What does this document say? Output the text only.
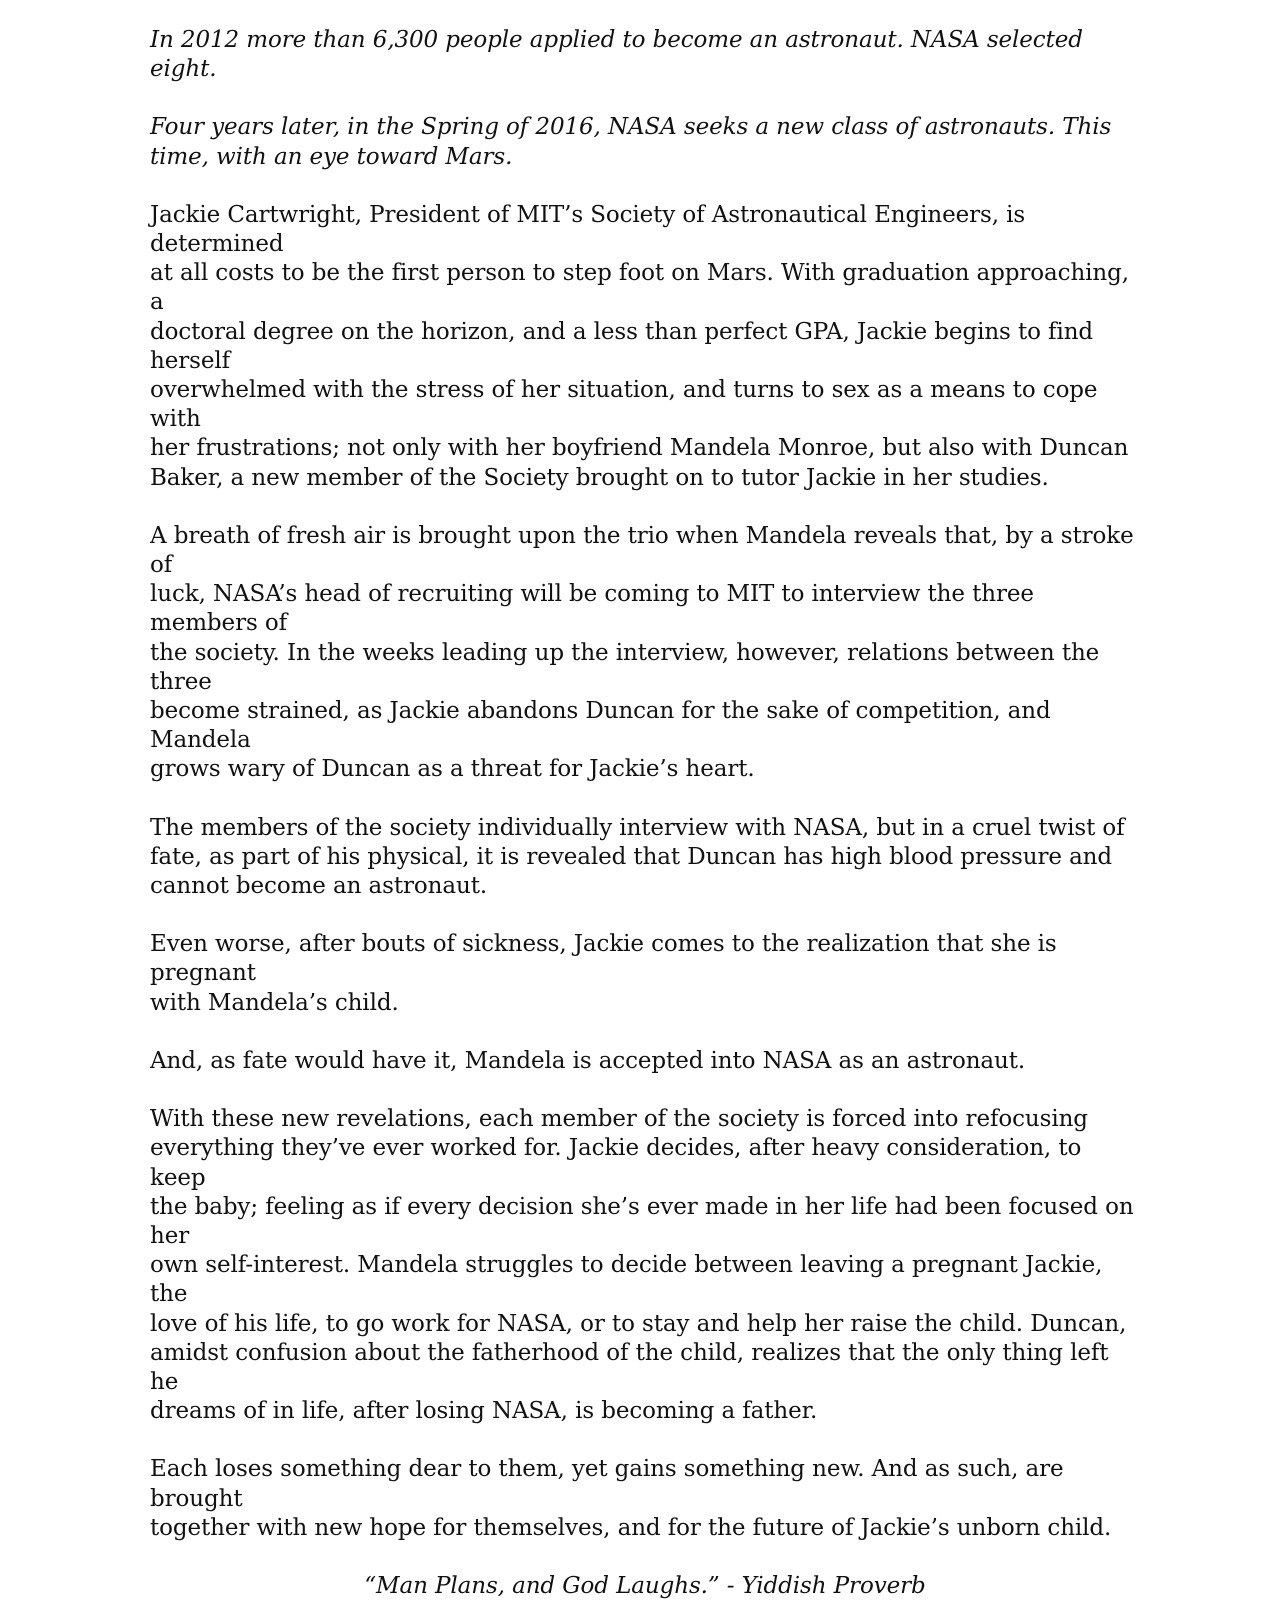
In 2012 more than 6,300 people applied to become an astronaut. NASA selected eight.

Four years later, in the Spring of 2016, NASA seeks a new class of astronauts. This
time, with an eye toward Mars.

Jackie Cartwright, President of MIT’s Society of Astronautical Engineers, is determined
at all costs to be the first person to step foot on Mars. With graduation approaching, a
doctoral degree on the horizon, and a less than perfect GPA, Jackie begins to find herself
overwhelmed with the stress of her situation, and turns to sex as a means to cope with
her frustrations; not only with her boyfriend Mandela Monroe, but also with Duncan
Baker, a new member of the Society brought on to tutor Jackie in her studies.

A breath of fresh air is brought upon the trio when Mandela reveals that, by a stroke of
luck, NASA’s head of recruiting will be coming to MIT to interview the three members of
the society. In the weeks leading up the interview, however, relations between the three
become strained, as Jackie abandons Duncan for the sake of competition, and Mandela
grows wary of Duncan as a threat for Jackie’s heart.

The members of the society individually interview with NASA, but in a cruel twist of
fate, as part of his physical, it is revealed that Duncan has high blood pressure and
cannot become an astronaut.

Even worse, after bouts of sickness, Jackie comes to the realization that she is pregnant
with Mandela’s child.

And, as fate would have it, Mandela is accepted into NASA as an astronaut.

With these new revelations, each member of the society is forced into refocusing
everything they’ve ever worked for. Jackie decides, after heavy consideration, to keep
the baby; feeling as if every decision she’s ever made in her life had been focused on her
own self-interest. Mandela struggles to decide between leaving a pregnant Jackie, the
love of his life, to go work for NASA, or to stay and help her raise the child. Duncan,
amidst confusion about the fatherhood of the child, realizes that the only thing left he
dreams of in life, after losing NASA, is becoming a father.

Each loses something dear to them, yet gains something new. And as such, are brought
together with new hope for themselves, and for the future of Jackie’s unborn child.

“Man Plans, and God Laughs.” - Yiddish Proverb
